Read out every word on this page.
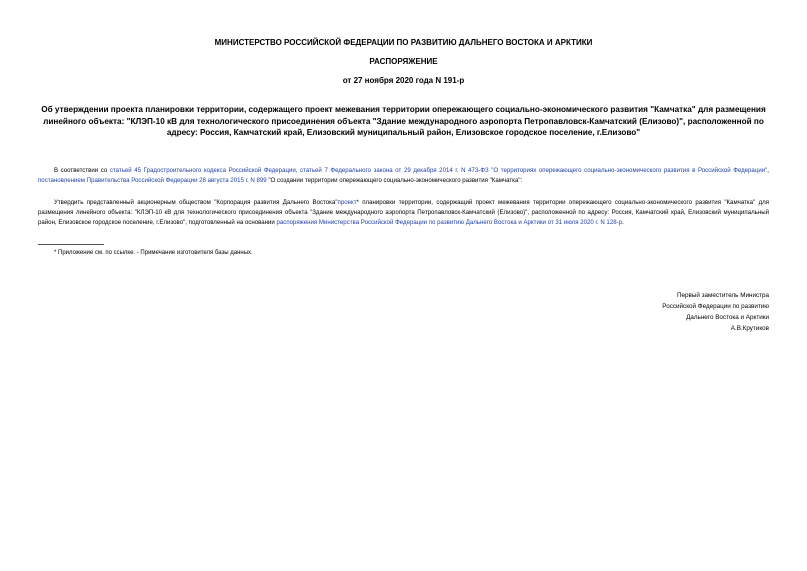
МИНИСТЕРСТВО РОССИЙСКОЙ ФЕДЕРАЦИИ ПО РАЗВИТИЮ ДАЛЬНЕГО ВОСТОКА И АРКТИКИ
РАСПОРЯЖЕНИЕ
от 27 ноября 2020 года N 191-р
Об утверждении проекта планировки территории, содержащего проект межевания территории опережающего социально-экономического развития "Камчатка" для размещения линейного объекта: "КЛЭП-10 кВ для технологического присоединения объекта "Здание международного аэропорта Петропавловск-Камчатский (Елизово)", расположенной по адресу: Россия, Камчатский край, Елизовский муниципальный район, Елизовское городское поселение, г.Елизово"

В соответствии со статьей 45 Градостроительного кодекса Российской Федерации, статьей 7 Федерального закона от 29 декабря 2014 г. N 473-ФЗ "О территориях опережающего социально-экономического развития в Российской Федерации", постановлением Правительства Российской Федерации 28 августа 2015 г. N 899 "О создании территории опережающего социально-экономического развития "Камчатка":

Утвердить представленный акционерным обществом "Корпорация развития Дальнего Востока"проект* планировки территории, содержащий проект межевания территории опережающего социально-экономического развития "Камчатка" для размещения линейного объекта: "КЛЭП-10 кВ для технологического присоединения объекта "Здание международного аэропорта Петропавловск-Камчатский (Елизово)", расположенной по адресу: Россия, Камчатский край, Елизовский муниципальный район, Елизовское городское поселение, г.Елизово", подготовленный на основании распоряжения Министерства Российской Федерации по развитию Дальнего Востока и Арктики от 31 июля 2020 г. N 128-р.

* Приложение см. по ссылке. - Примечание изготовителя базы данных.
Первый заместитель Министра
Российской Федерации по развитию
Дальнего Востока и Арктики
А.В.Крутиков
